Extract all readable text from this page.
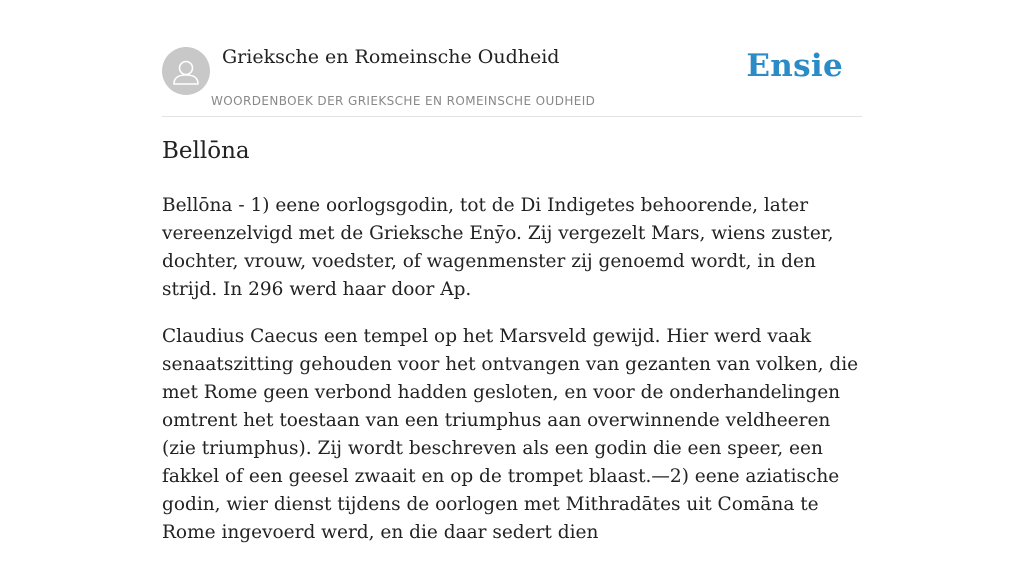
Grieksche en Romeinsche Oudheid
WOORDENBOEK DER GRIEKSCHE EN ROMEINSCHE OUDHEID
Ensie
Bellōna

Bellōna - 1) eene oorlogsgodin, tot de Di Indigetes behoorende, later vereenzelvigd met de Grieksche Enȳo. Zij vergezelt Mars, wiens zuster, dochter, vrouw, voedster, of wagenmenster zij genoemd wordt, in den strijd. In 296 werd haar door Ap.

Claudius Caecus een tempel op het Marsveld gewijd. Hier werd vaak senaatszitting gehouden voor het ontvangen van gezanten van volken, die met Rome geen verbond hadden gesloten, en voor de onderhandelingen omtrent het toestaan van een triumphus aan overwinnende veldheeren (zie triumphus). Zij wordt beschreven als een godin die een speer, een fakkel of een geesel zwaait en op de trompet blaast.—2) eene aziatische godin, wier dienst tijdens de oorlogen met Mithradātes uit Comāna te Rome ingevoerd werd, en die daar sedert dien
